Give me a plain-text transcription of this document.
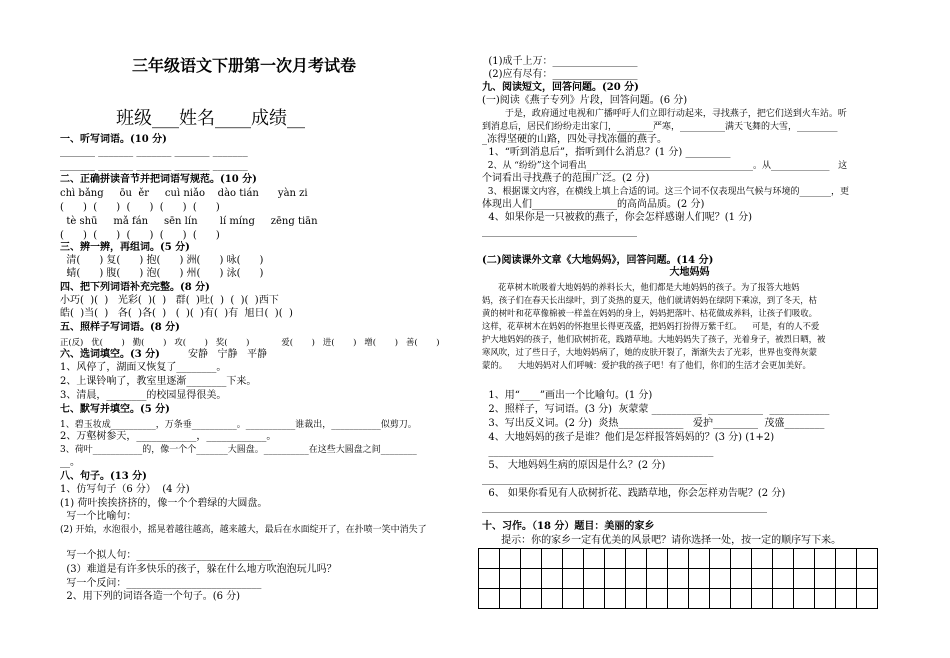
三年级语文下册第一次月考试卷
班级___姓名____成绩__
一、听写词语。(10 分)
_______ _______ _______ _______ _______
_______ _______ _______ _______ _______
二、正确拼读音节并把词语写规范。(10 分)
chì bǎng     ōu  ěr     cuì niǎo    dào tián      yàn zi
(      )  (      )  (      )  (      )  (      )
tè shū     mǎ fán     sēn lín       lí míng     zēng tiān
(      )  (      )  (      )  (      )  (      )
三、辨一辨，再组词。(5 分)
清(      ) 复(      ) 抱(      ) 洲(      ) 咏(      )
蜻(      ) 腹(      ) 泡(      ) 州(      ) 泳(      )
四、把下列词语补充完整。(8 分)
小巧(  )(  )   光彩(  )(  )   群(  )吐(  )  (  )(  )西下
皓(  )当(  )   各(  )各(  )   (  )(  )有(  )有  旭日(  )(  )
五、照样子写词语。(8 分)
正(反)   优(       )   勤(       )   攻(       )   奖(       )            爱(       )   进(       )   增(       )   善(       )
六、选词填空。(3 分)	安静   宁静   平静
1、风停了，湖面又恢复了________。
2、上课铃响了，教室里逐渐________下来。
3、清晨，________的校园显得很美。
七、默写并填空。(5 分)
1、碧玉妆成__________，万条垂__________。___________谁裁出，___________似剪刀。
2、万壑树参天，____________，____________。
3、荷叶___________的，像一个个_______大圆盘。__________在这些大圆盘之间________
__。
八、句子。(13 分)
1、仿写句子（6 分）  (4 分)
(1) 荷叶挨挨挤挤的，像一个个碧绿的大圆盘。
写一个比喻句：
(2) 开始，水泡很小，摇晃着越往越高，越来越大，最后在水面绽开了，在扑喷一笑中消失了
写一个拟人句：___________________________
(3）难道是有许多快乐的孩子，躲在什么地方吹泡泡玩儿吗？
写一个反问：___________________________
2、用下列的词语各造一个句子。(6 分)
(1)成千上万：_________________
(2)应有尽有：_________________
九、阅读短文，回答问题。(20 分)
(一)阅读《燕子专列》片段，回答问题。(6 分)
于是，政府通过电视和广播呼吁人们立即行动起来，寻找燕子，把它们送到火车站。听
到消息后，居民们纷纷走出家门，________严寒，__________满天飞舞的大雪，_________
_冻得坚硬的山路，四处寻找冻僵的燕子。
1、“听到消息后”，指听到什么消息？(1 分) _________
2、从 “纷纷”这个词看出_____________________________________。从_____________   这
个词看出寻找燕子的范围广泛。(2 分)
3、根据课文内容，在横线上填上合适的词。这三个词不仅表现出气候与环境的_______，更
体现出人们_________________的高尚品质。(2 分)
4、如果你是一只被救的燕子，你会怎样感谢人们呢？(1 分)
_______________________________
(二)阅读课外文章《大地妈妈》，回答问题。(14 分)
大地妈妈
花草树木吮吸着大地妈妈的养料长大，他们都是大地妈妈的孩子。为了报答大地妈
妈，孩子们在春天长出绿叶，到了炎热的夏天，他们就请妈妈在绿阴下乘凉，到了冬天，枯
黄的树叶和花草像棉被一样盖在妈妈的身上，妈妈把落叶、枯花做成养料，让孩子们吸收。
这样，花草树木在妈妈的怀抱里长得更茂盛，把妈妈打扮得万紫千红。    可是，有的人不爱
护大地妈妈的孩子，他们砍树折花，践踏草地。大地妈妈失了孩子，光着身子，被烈日晒，被
寒风吹，过了些日子，大地妈妈病了，她的皮肤开裂了，渐渐失去了光彩，世界也变得灰蒙
蒙的。    大地妈妈对人们呼喊：爱护我的孩子吧！有了他们，你们的生活才会更加美好。
1、用“____”画出一个比喻句。(1 分)
2、照样子，写词语。(3 分)  灰蒙蒙 __________  ___________  ____________
3、写出反义词。(2 分)  炎热_____________   爱护_________  茂盛________
4、大地妈妈的孩子是谁？他们是怎样报答妈妈的？(3 分) (1+2)
_____________________________________________
5、 大地妈妈生病的原因是什么？(2 分)
_____________________________________________
6、 如果你看见有人砍树折花、践踏草地，你会怎样劝告呢？(2 分)
_________________________________________________________
十、习作。（18 分）题目：美丽的家乡
提示：你的家乡一定有优美的风景吧？请你选择一处，按一定的顺序写下来。
